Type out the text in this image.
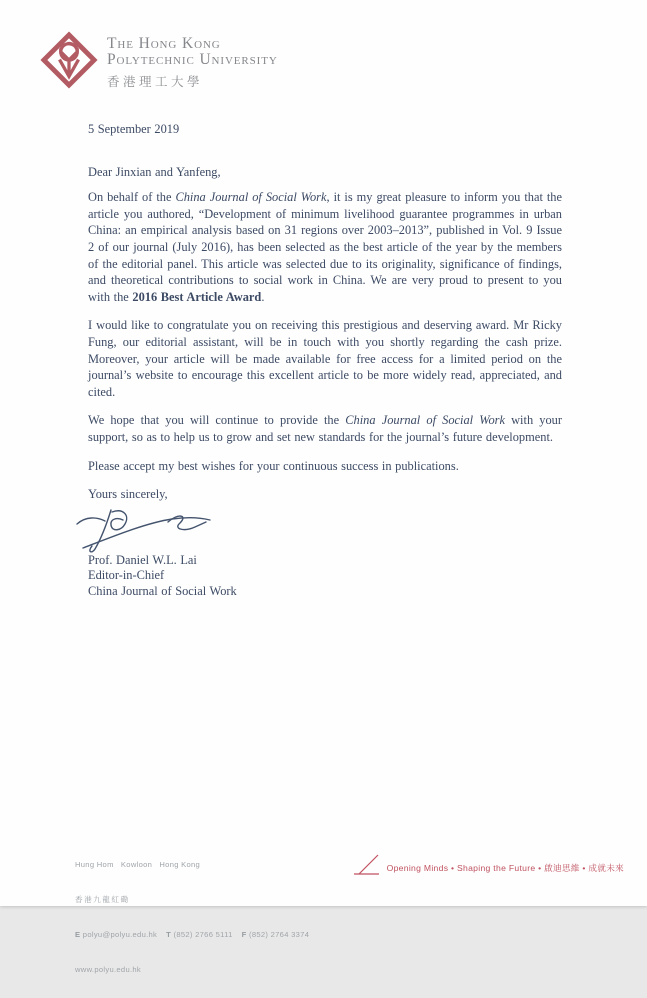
The Hong Kong
Polytechnic University
香港理工大學
5 September 2019
Dear Jinxian and Yanfeng,
On behalf of the China Journal of Social Work, it is my great pleasure to inform you that the article you authored, “Development of minimum livelihood guarantee programmes in urban China: an empirical analysis based on 31 regions over 2003–2013”, published in Vol. 9 Issue 2 of our journal (July 2016), has been selected as the best article of the year by the members of the editorial panel. This article was selected due to its originality, significance of findings, and theoretical contributions to social work in China. We are very proud to present to you with the 2016 Best Article Award.
I would like to congratulate you on receiving this prestigious and deserving award. Mr Ricky Fung, our editorial assistant, will be in touch with you shortly regarding the cash prize. Moreover, your article will be made available for free access for a limited period on the journal’s website to encourage this excellent article to be more widely read, appreciated, and cited.
We hope that you will continue to provide the China Journal of Social Work with your support, so as to help us to grow and set new standards for the journal’s future development.
Please accept my best wishes for your continuous success in publications.
Yours sincerely,
Prof. Daniel W.L. Lai
Editor-in-Chief
China Journal of Social Work

Hung Hom   Kowloon   Hong Kong

香港九龍紅磡

E polyu@polyu.edu.hk T (852) 2766 5111 F (852) 2764 3374

www.polyu.edu.hk

Opening Minds • Shaping the Future • 啟迪思維 • 成就未來
